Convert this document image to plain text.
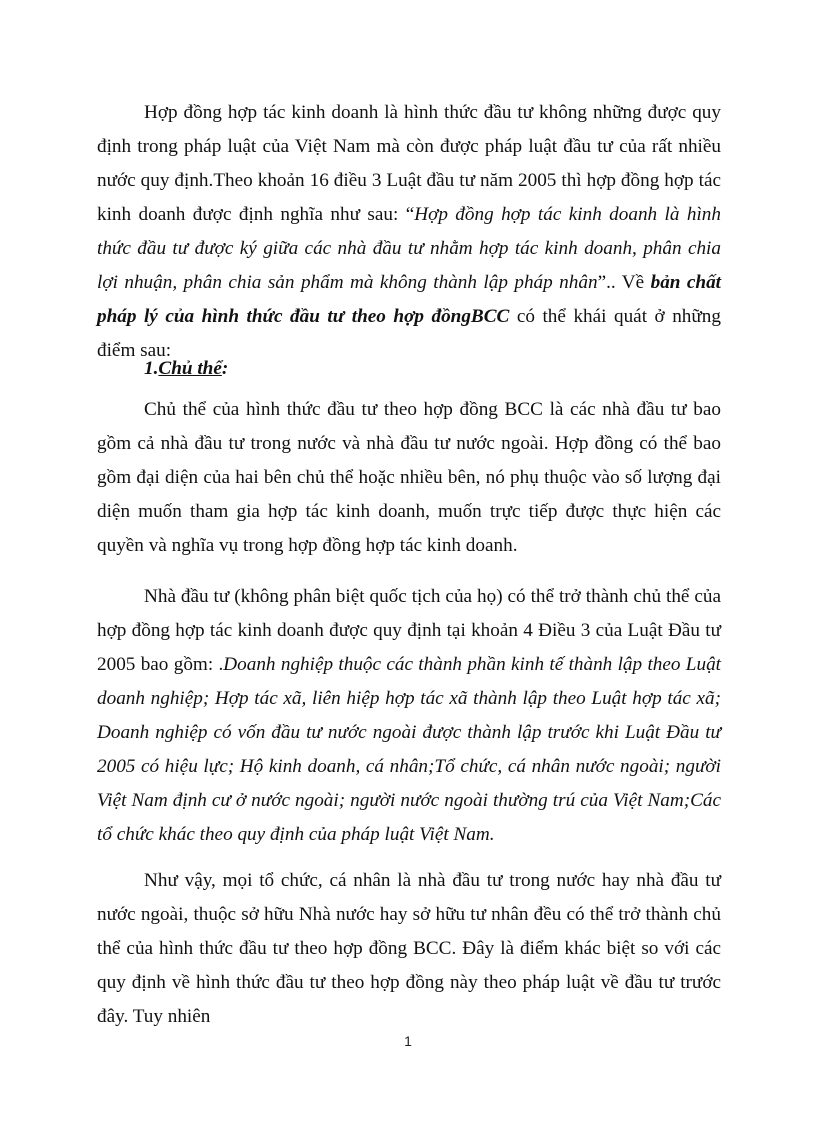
Hợp đồng hợp tác kinh doanh là hình thức đầu tư không những được quy định trong pháp luật của Việt Nam mà còn được pháp luật đầu tư của rất nhiều nước quy định.Theo khoản 16 điều 3 Luật đầu tư năm 2005 thì hợp đồng hợp tác kinh doanh được định nghĩa như sau: “Hợp đồng hợp tác kinh doanh là hình thức đầu tư được ký giữa các nhà đầu tư nhằm hợp tác kinh doanh, phân chia lợi nhuận, phân chia sản phẩm mà không thành lập pháp nhân”.. Về bản chất pháp lý của hình thức đầu tư theo hợp đồngBCC có thể khái quát ở những điểm sau:

1.Chủ thể:

Chủ thể của hình thức đầu tư theo hợp đồng BCC là các nhà đầu tư bao gồm cả nhà đầu tư trong nước và nhà đầu tư nước ngoài. Hợp đồng có thể bao gồm đại diện của hai bên chủ thể hoặc nhiều bên, nó phụ thuộc vào số lượng đại diện muốn tham gia hợp tác kinh doanh, muốn trực tiếp được thực hiện các quyền và nghĩa vụ trong hợp đồng hợp tác kinh doanh.

Nhà đầu tư (không phân biệt quốc tịch của họ) có thể trở thành chủ thể của hợp đồng hợp tác kinh doanh được quy định tại khoản 4 Điều 3 của Luật Đầu tư 2005 bao gồm: .Doanh nghiệp thuộc các thành phần kinh tế thành lập theo Luật doanh nghiệp; Hợp tác xã, liên hiệp hợp tác xã thành lập theo Luật hợp tác xã; Doanh nghiệp có vốn đầu tư nước ngoài được thành lập trước khi Luật Đầu tư 2005 có hiệu lực; Hộ kinh doanh, cá nhân;Tổ chức, cá nhân nước ngoài; người Việt Nam định cư ở nước ngoài; người nước ngoài thường trú của Việt Nam;Các tổ chức khác theo quy định của pháp luật Việt Nam.

Như vậy, mọi tổ chức, cá nhân là nhà đầu tư trong nước hay nhà đầu tư nước ngoài, thuộc sở hữu Nhà nước hay sở hữu tư nhân đều có thể trở thành chủ thể của hình thức đầu tư theo hợp đồng BCC. Đây là điểm khác biệt so với các quy định về hình thức đầu tư theo hợp đồng này theo pháp luật về đầu tư trước đây. Tuy nhiên

1
